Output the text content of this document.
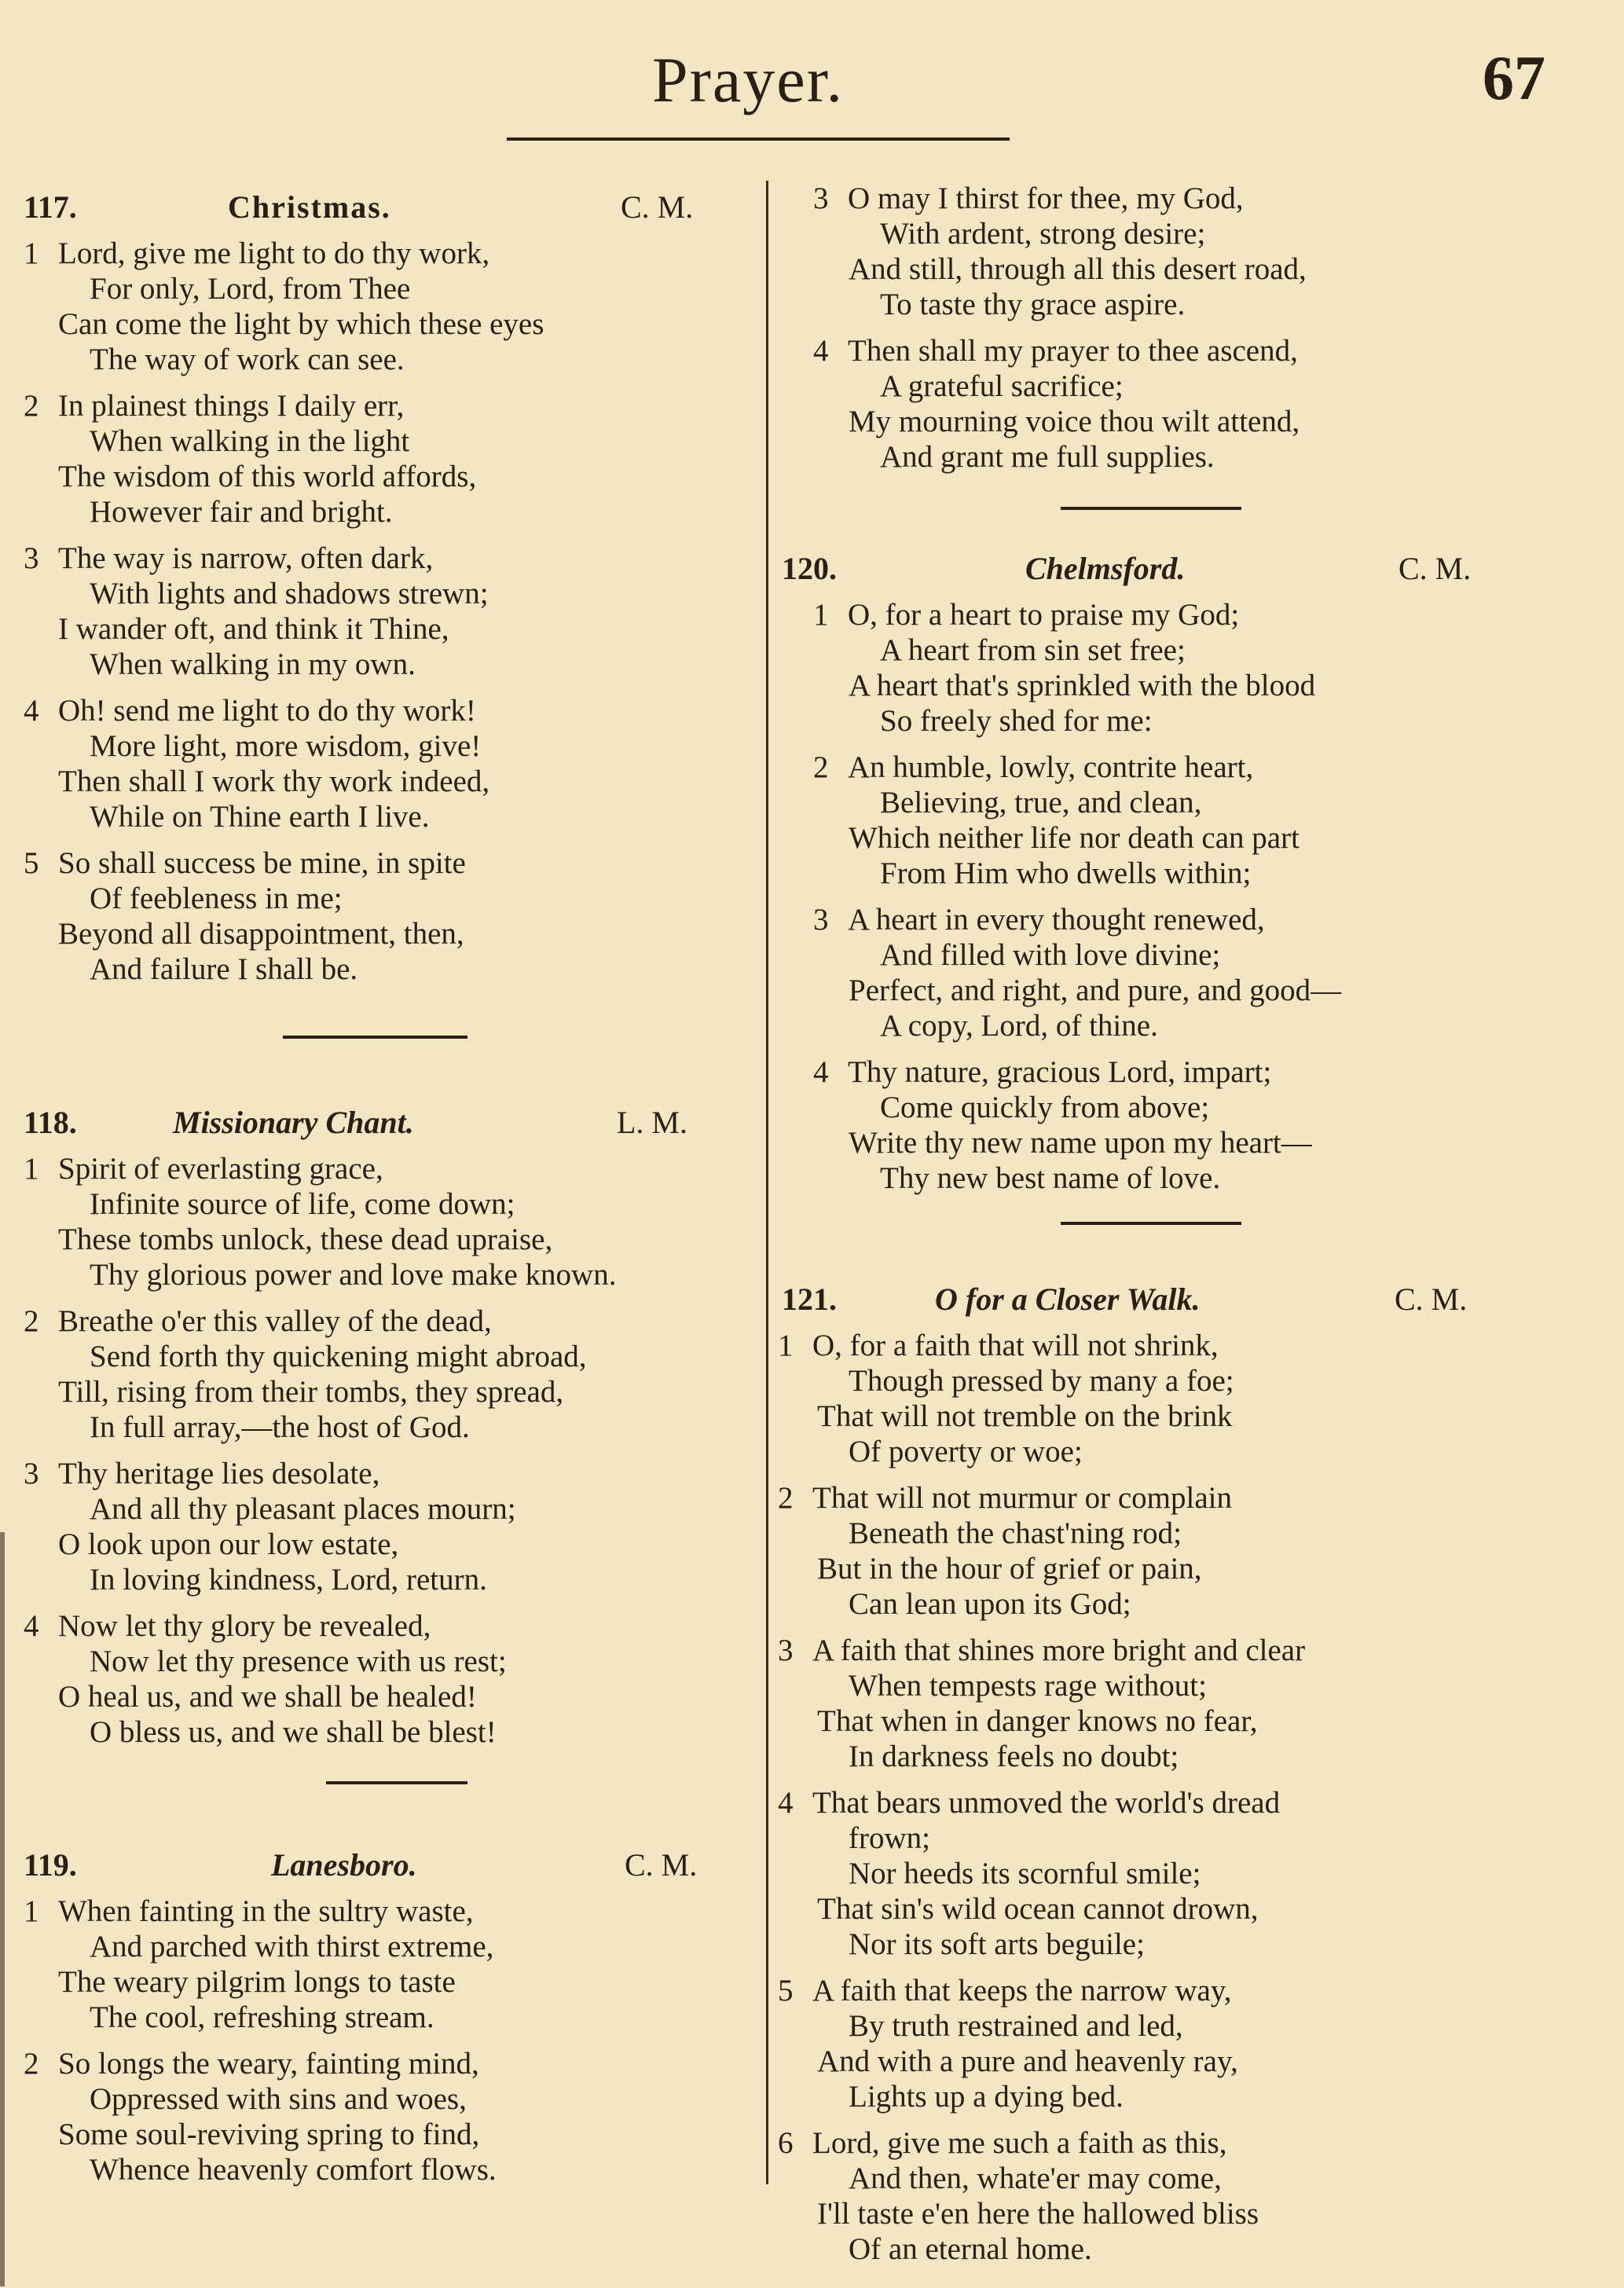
Prayer.	67
117.	Christmas.	C. M.
1 Lord, give me light to do thy work,
For only, Lord, from Thee
Can come the light by which these eyes
The way of work can see.
2 In plainest things I daily err,
When walking in the light
The wisdom of this world affords,
However fair and bright.
3 The way is narrow, often dark,
With lights and shadows strewn;
I wander oft, and think it Thine,
When walking in my own.
4 Oh! send me light to do thy work!
More light, more wisdom, give!
Then shall I work thy work indeed,
While on Thine earth I live.
5 So shall success be mine, in spite
Of feebleness in me;
Beyond all disappointment, then,
And failure I shall be.
118.	Missionary Chant.	L. M.
1 Spirit of everlasting grace,
Infinite source of life, come down;
These tombs unlock, these dead upraise,
Thy glorious power and love make known.
2 Breathe o'er this valley of the dead,
Send forth thy quickening might abroad,
Till, rising from their tombs, they spread,
In full array,—the host of God.
3 Thy heritage lies desolate,
And all thy pleasant places mourn;
O look upon our low estate,
In loving kindness, Lord, return.
4 Now let thy glory be revealed,
Now let thy presence with us rest;
O heal us, and we shall be healed!
O bless us, and we shall be blest!
119.	Lanesboro.	C. M.
1 When fainting in the sultry waste,
And parched with thirst extreme,
The weary pilgrim longs to taste
The cool, refreshing stream.
2 So longs the weary, fainting mind,
Oppressed with sins and woes,
Some soul-reviving spring to find,
Whence heavenly comfort flows.
3 O may I thirst for thee, my God,
With ardent, strong desire;
And still, through all this desert road,
To taste thy grace aspire.
4 Then shall my prayer to thee ascend,
A grateful sacrifice;
My mourning voice thou wilt attend,
And grant me full supplies.
120.	Chelmsford.	C. M.
1 O, for a heart to praise my God;
A heart from sin set free;
A heart that's sprinkled with the blood
So freely shed for me:
2 An humble, lowly, contrite heart,
Believing, true, and clean,
Which neither life nor death can part
From Him who dwells within;
3 A heart in every thought renewed,
And filled with love divine;
Perfect, and right, and pure, and good—
A copy, Lord, of thine.
4 Thy nature, gracious Lord, impart;
Come quickly from above;
Write thy new name upon my heart—
Thy new best name of love.
121.	O for a Closer Walk.	C. M.
1 O, for a faith that will not shrink,
Though pressed by many a foe;
That will not tremble on the brink
Of poverty or woe;
2 That will not murmur or complain
Beneath the chast'ning rod;
But in the hour of grief or pain,
Can lean upon its God;
3 A faith that shines more bright and clear
When tempests rage without;
That when in danger knows no fear,
In darkness feels no doubt;
4 That bears unmoved the world's dread
frown;
Nor heeds its scornful smile;
That sin's wild ocean cannot drown,
Nor its soft arts beguile;
5 A faith that keeps the narrow way,
By truth restrained and led,
And with a pure and heavenly ray,
Lights up a dying bed.
6 Lord, give me such a faith as this,
And then, whate'er may come,
I'll taste e'en here the hallowed bliss
Of an eternal home.
